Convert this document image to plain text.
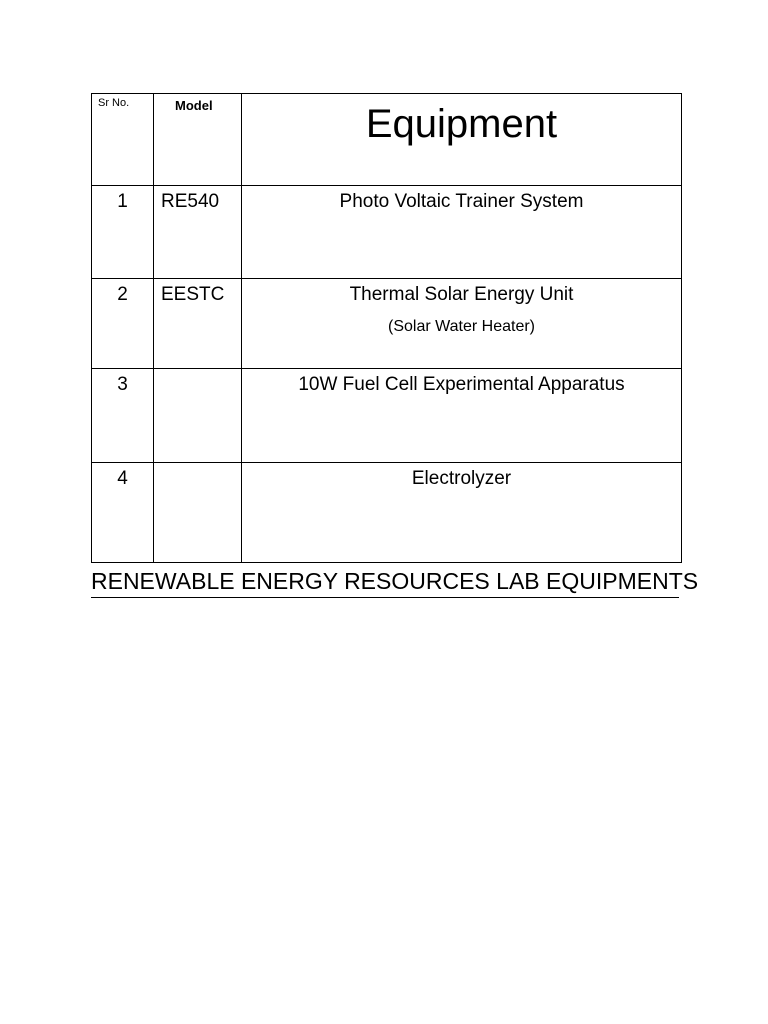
Sr No.	Model	Equipment
1	RE540	Photo Voltaic Trainer System
2	EESTC	Thermal Solar Energy Unit
(Solar Water Heater)

3		10W Fuel Cell Experimental Apparatus
4		Electrolyzer
RENEWABLE ENERGY RESOURCES LAB EQUIPMENTS
